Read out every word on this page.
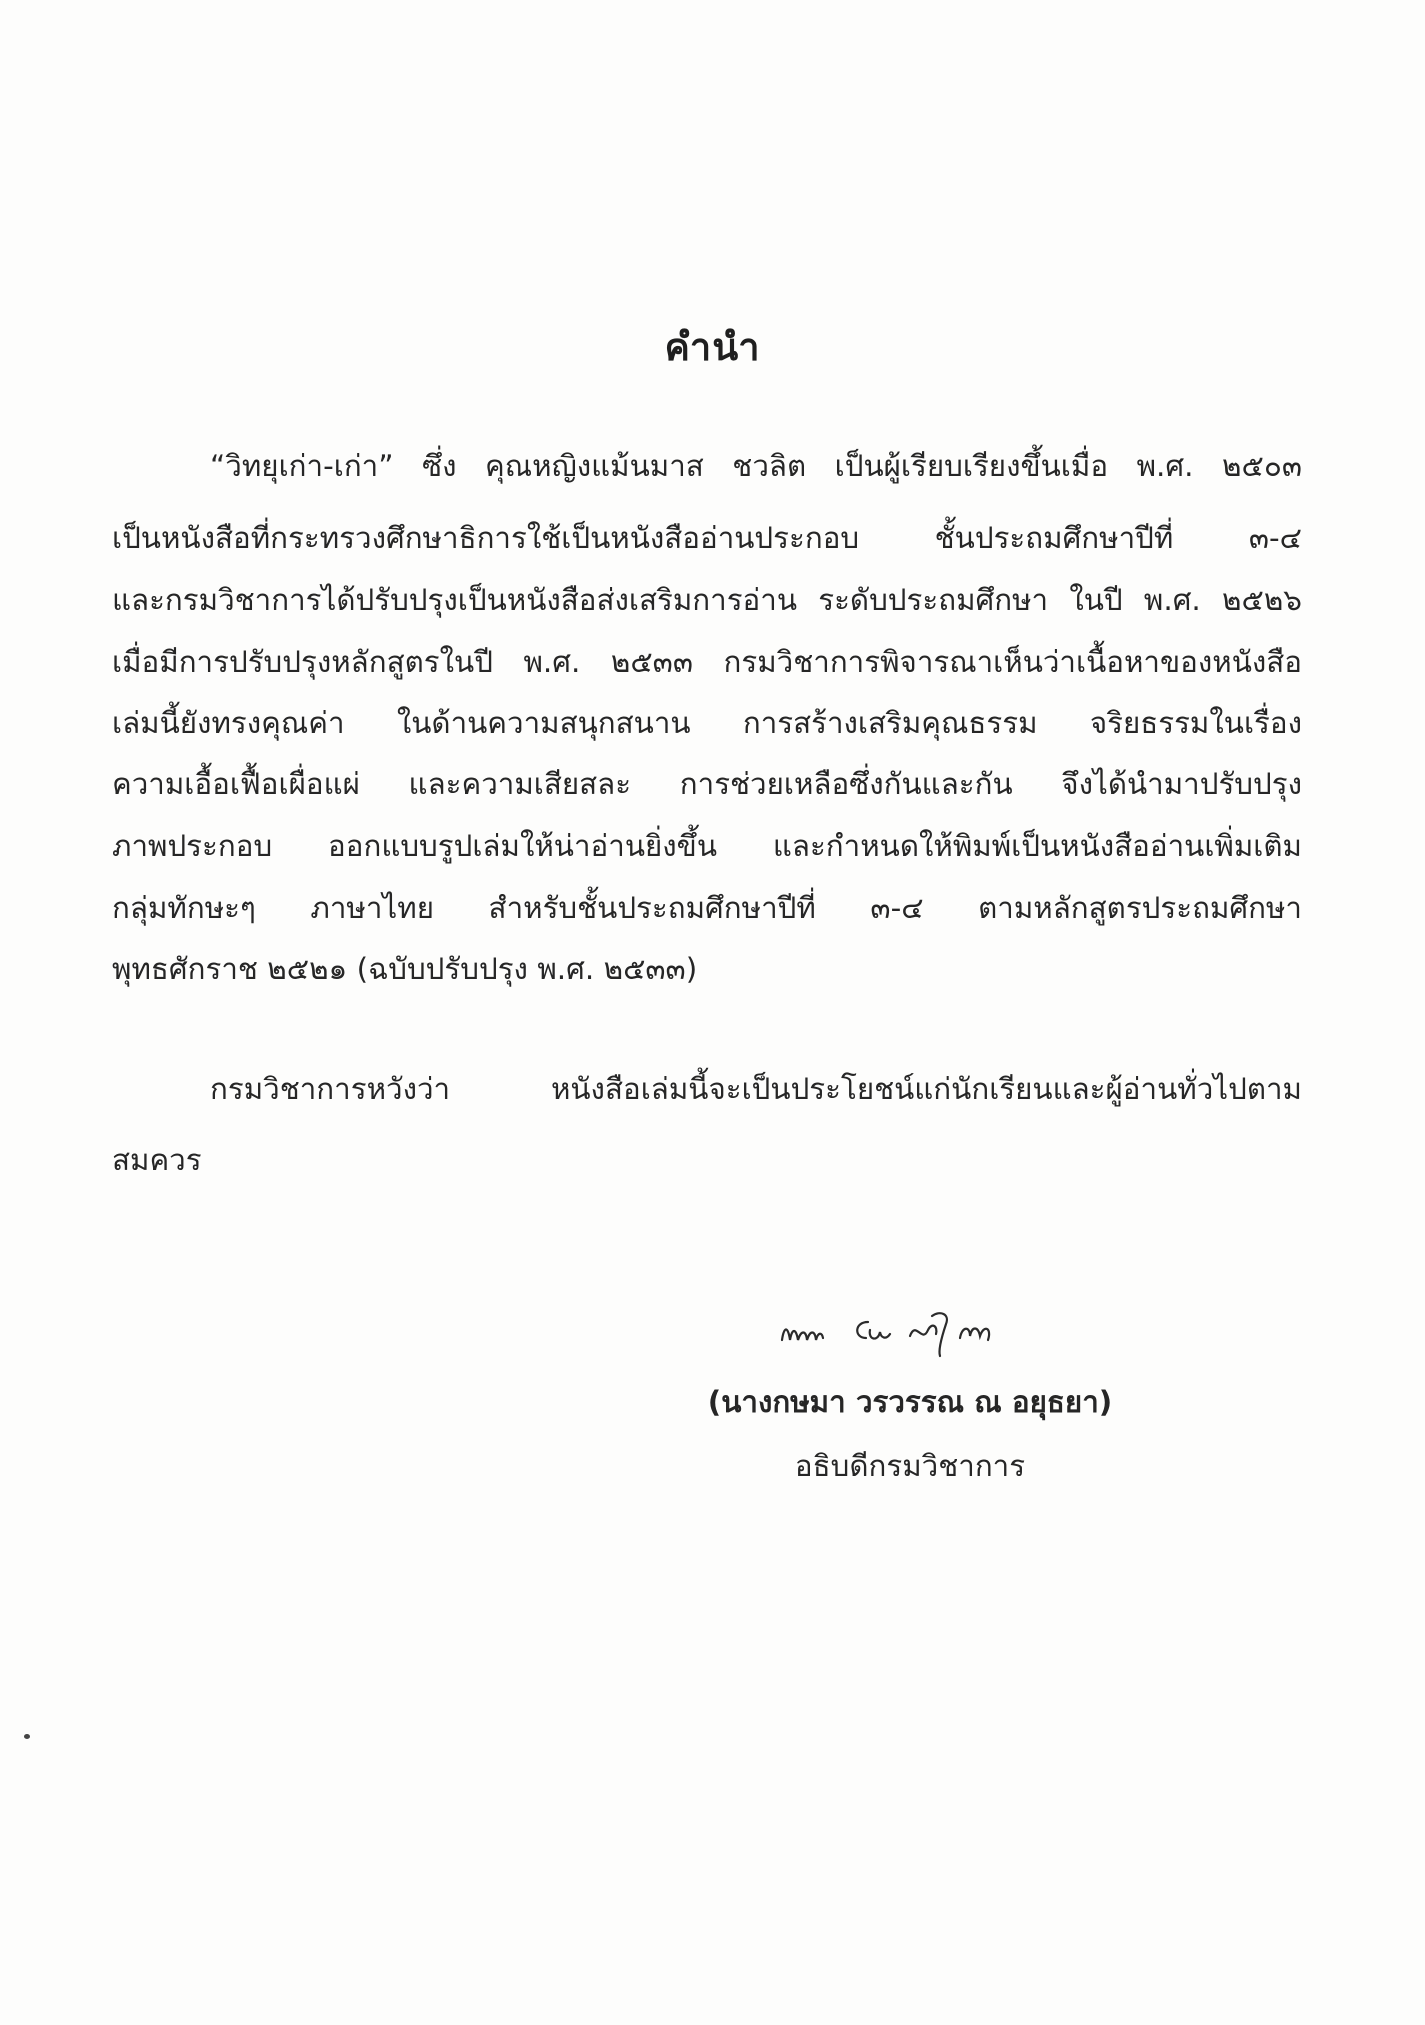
คำนำ
“วิทยุเก่า-เก่า” ซึ่ง คุณหญิงแม้นมาส ชวลิต เป็นผู้เรียบเรียงขึ้นเมื่อ พ.ศ. ๒๕๐๓
เป็นหนังสือที่กระทรวงศึกษาธิการใช้เป็นหนังสืออ่านประกอบ ชั้นประถมศึกษาปีที่ ๓-๔
และกรมวิชาการได้ปรับปรุงเป็นหนังสือส่งเสริมการอ่าน ระดับประถมศึกษา ในปี พ.ศ. ๒๕๒๖
เมื่อมีการปรับปรุงหลักสูตรในปี พ.ศ. ๒๕๓๓ กรมวิชาการพิจารณาเห็นว่าเนื้อหาของหนังสือ
เล่มนี้ยังทรงคุณค่า ในด้านความสนุกสนาน การสร้างเสริมคุณธรรม จริยธรรมในเรื่อง
ความเอื้อเฟื้อเผื่อแผ่ และความเสียสละ การช่วยเหลือซึ่งกันและกัน จึงได้นำมาปรับปรุง
ภาพประกอบ ออกแบบรูปเล่มให้น่าอ่านยิ่งขึ้น และกำหนดให้พิมพ์เป็นหนังสืออ่านเพิ่มเติม
กลุ่มทักษะๆ ภาษาไทย สำหรับชั้นประถมศึกษาปีที่ ๓-๔ ตามหลักสูตรประถมศึกษา
พุทธศักราช ๒๕๒๑ (ฉบับปรับปรุง พ.ศ. ๒๕๓๓)
กรมวิชาการหวังว่า หนังสือเล่มนี้จะเป็นประโยชน์แก่นักเรียนและผู้อ่านทั่วไปตาม
สมควร
(นางกษมา วรวรรณ ณ อยุธยา)
อธิบดีกรมวิชาการ
